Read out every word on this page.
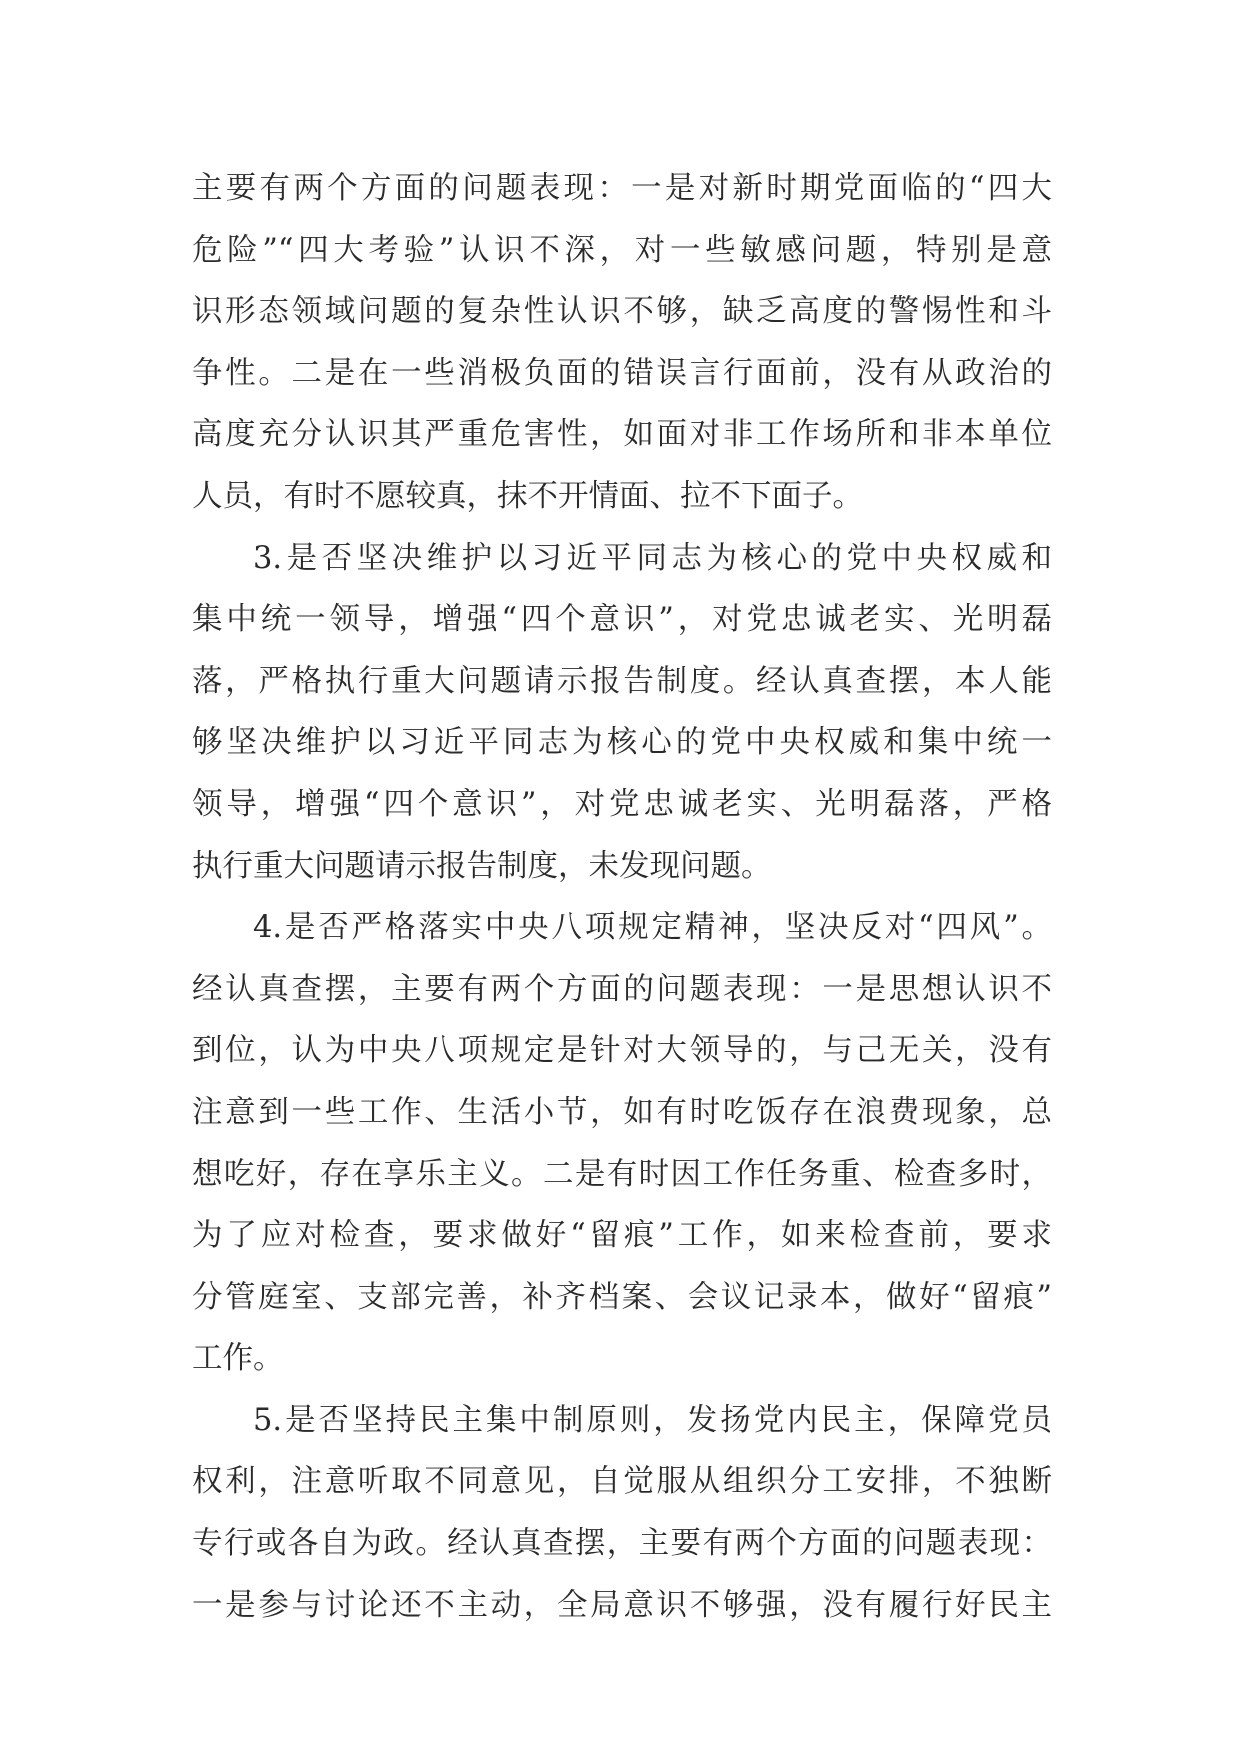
主要有两个方面的问题表现：一是对新时期党面临的“四大
危险”“四大考验”认识不深，对一些敏感问题，特别是意
识形态领域问题的复杂性认识不够，缺乏高度的警惕性和斗
争性。二是在一些消极负面的错误言行面前，没有从政治的
高度充分认识其严重危害性，如面对非工作场所和非本单位
人员，有时不愿较真，抹不开情面、拉不下面子。
3.是否坚决维护以习近平同志为核心的党中央权威和
集中统一领导，增强“四个意识”，对党忠诚老实、光明磊
落，严格执行重大问题请示报告制度。经认真查摆，本人能
够坚决维护以习近平同志为核心的党中央权威和集中统一
领导，增强“四个意识”，对党忠诚老实、光明磊落，严格
执行重大问题请示报告制度，未发现问题。
4.是否严格落实中央八项规定精神，坚决反对“四风”。
经认真查摆，主要有两个方面的问题表现：一是思想认识不
到位，认为中央八项规定是针对大领导的，与己无关，没有
注意到一些工作、生活小节，如有时吃饭存在浪费现象，总
想吃好，存在享乐主义。二是有时因工作任务重、检查多时，
为了应对检查，要求做好“留痕”工作，如来检查前，要求
分管庭室、支部完善，补齐档案、会议记录本，做好“留痕”
工作。
5.是否坚持民主集中制原则，发扬党内民主，保障党员
权利，注意听取不同意见，自觉服从组织分工安排，不独断
专行或各自为政。经认真查摆，主要有两个方面的问题表现：
一是参与讨论还不主动，全局意识不够强，没有履行好民主
